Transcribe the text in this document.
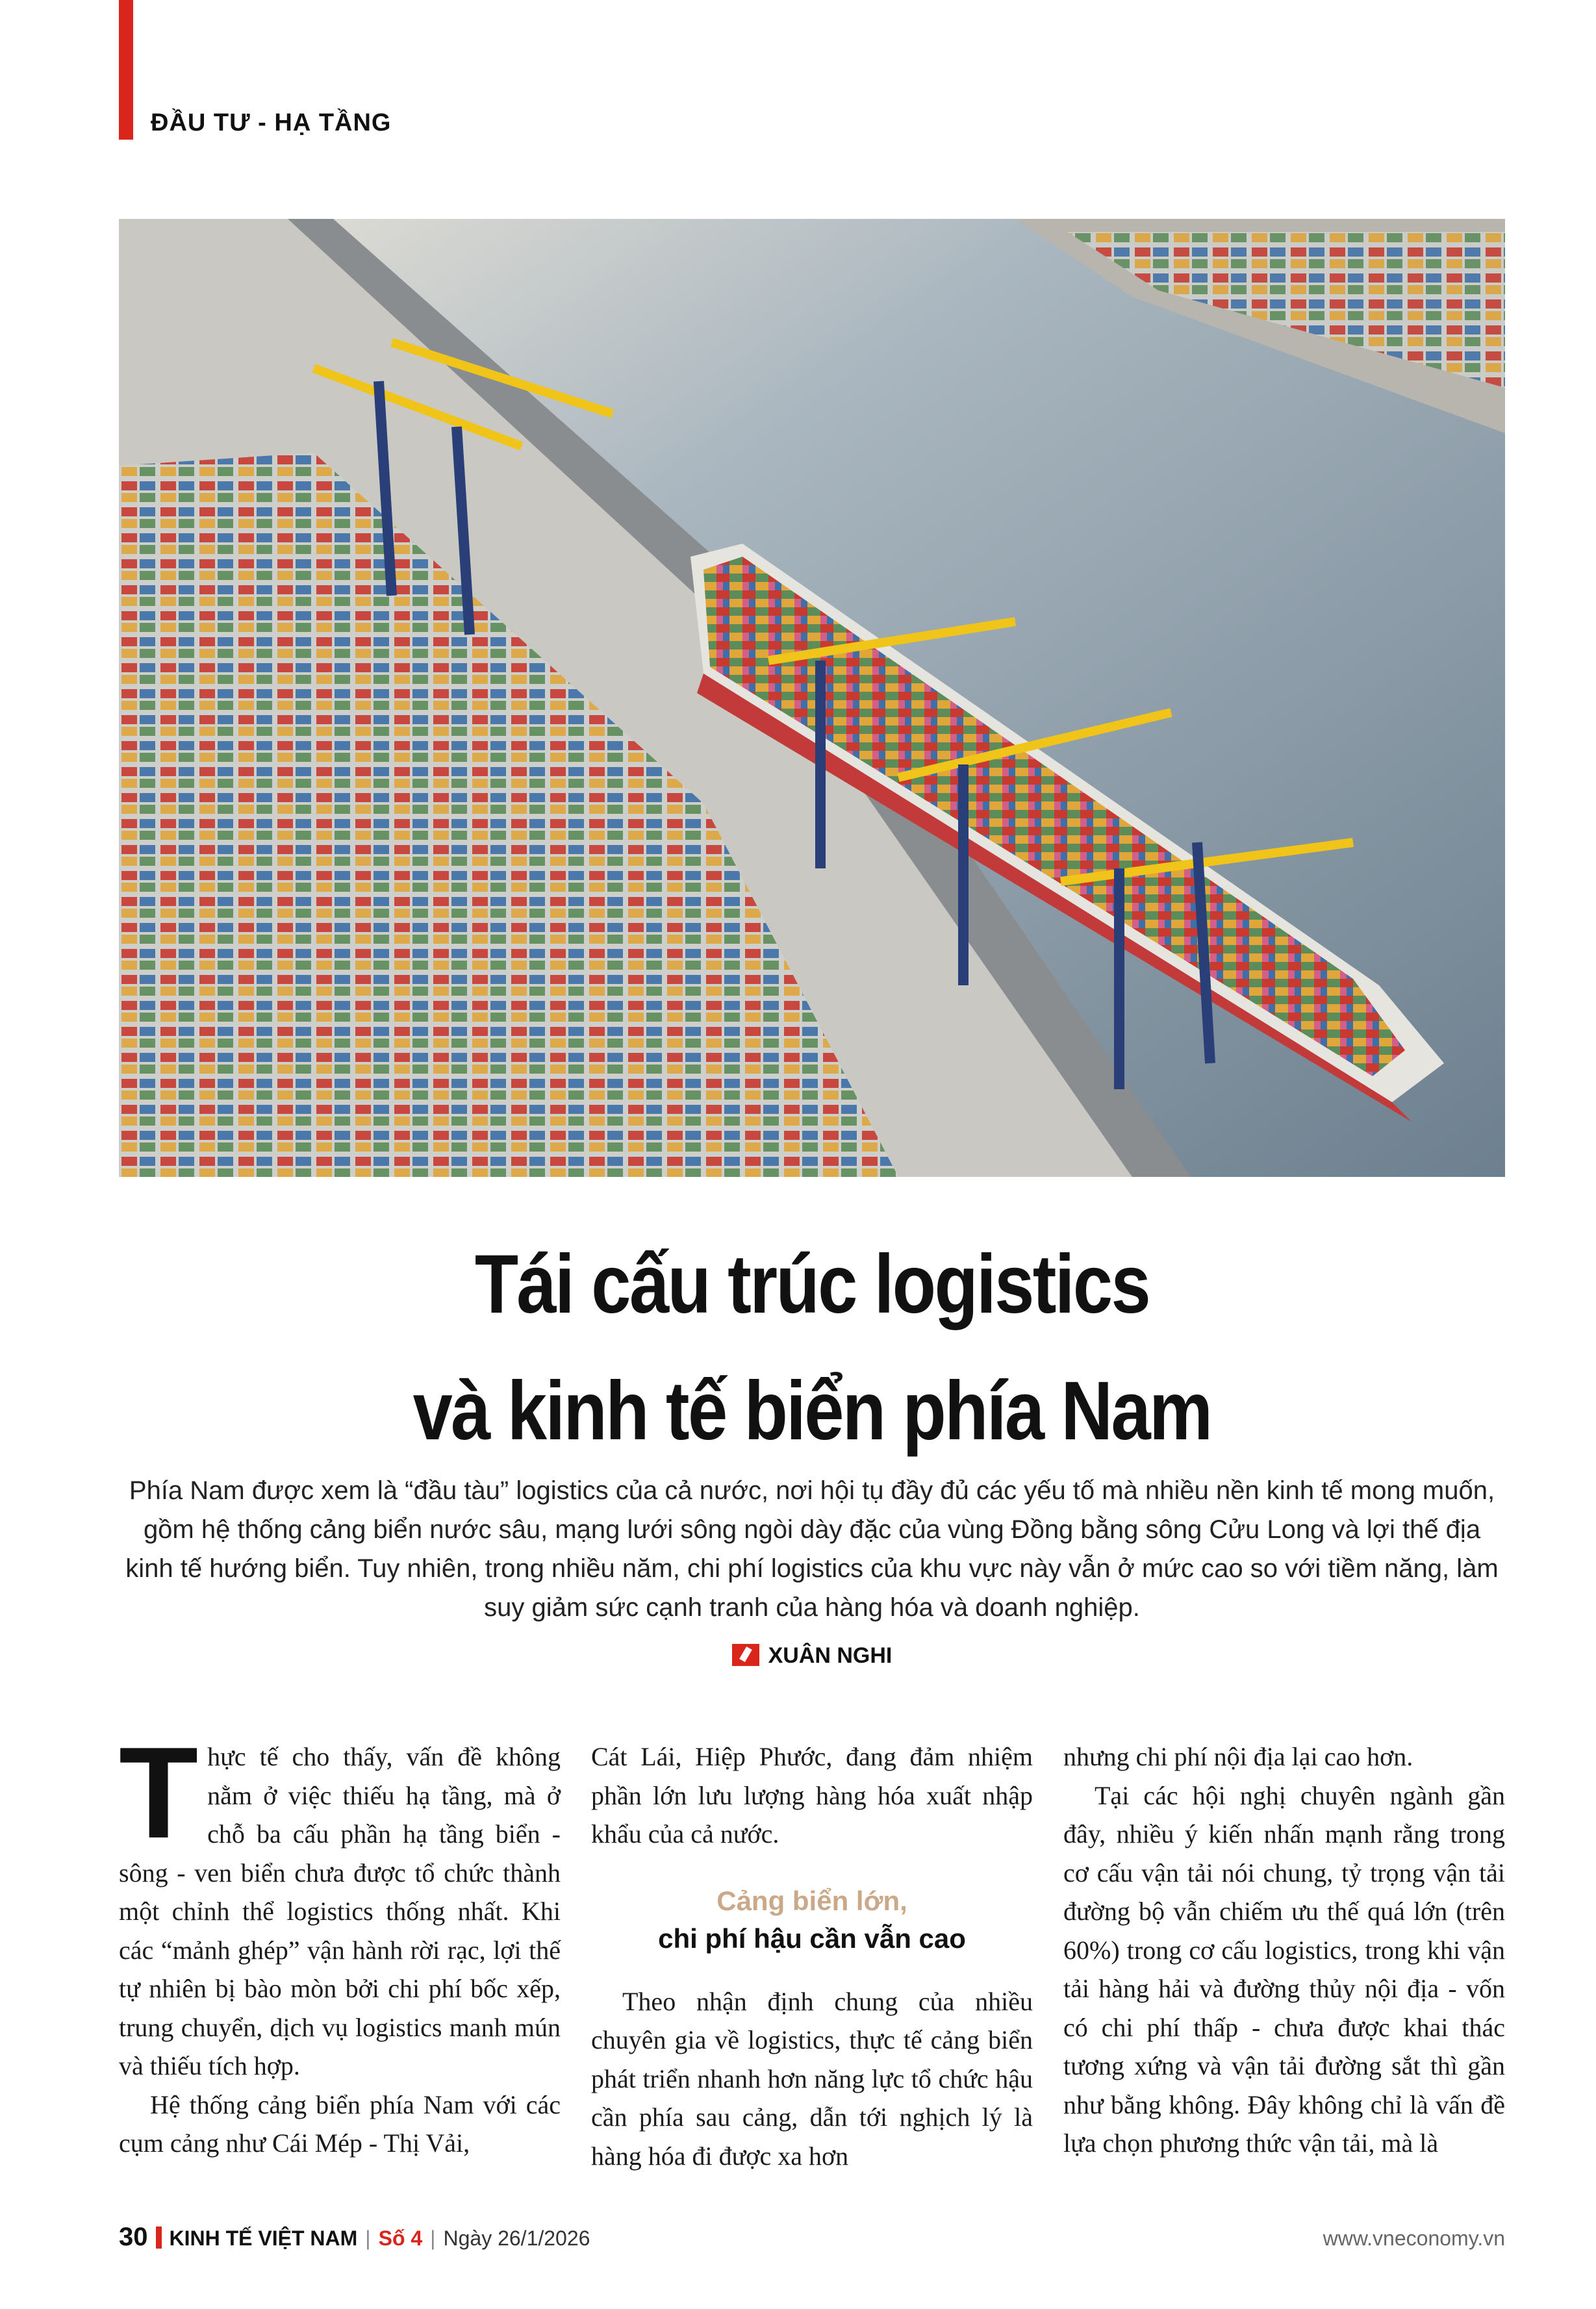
ĐẦU TƯ - HẠ TẦNG
Tái cấu trúc logistics
và kinh tế biển phía Nam
Phía Nam được xem là “đầu tàu” logistics của cả nước, nơi hội tụ đầy đủ các yếu tố mà nhiều nền kinh tế mong muốn, gồm hệ thống cảng biển nước sâu, mạng lưới sông ngòi dày đặc của vùng Đồng bằng sông Cửu Long và lợi thế địa kinh tế hướng biển. Tuy nhiên, trong nhiều năm, chi phí logistics của khu vực này vẫn ở mức cao so với tiềm năng, làm suy giảm sức cạnh tranh của hàng hóa và doanh nghiệp.
XUÂN NGHI

Thực tế cho thấy, vấn đề không nằm ở việc thiếu hạ tầng, mà ở chỗ ba cấu phần hạ tầng biển - sông - ven biển chưa được tổ chức thành một chỉnh thể logistics thống nhất. Khi các “mảnh ghép” vận hành rời rạc, lợi thế tự nhiên bị bào mòn bởi chi phí bốc xếp, trung chuyển, dịch vụ logistics manh mún và thiếu tích hợp.

Hệ thống cảng biển phía Nam với các cụm cảng như Cái Mép - Thị Vải,

Cát Lái, Hiệp Phước, đang đảm nhiệm phần lớn lưu lượng hàng hóa xuất nhập khẩu của cả nước.

Cảng biển lớn,
chi phí hậu cần vẫn cao

Theo nhận định chung của nhiều chuyên gia về logistics, thực tế cảng biển phát triển nhanh hơn năng lực tổ chức hậu cần phía sau cảng, dẫn tới nghịch lý là hàng hóa đi được xa hơn

nhưng chi phí nội địa lại cao hơn.

Tại các hội nghị chuyên ngành gần đây, nhiều ý kiến nhấn mạnh rằng trong cơ cấu vận tải nói chung, tỷ trọng vận tải đường bộ vẫn chiếm ưu thế quá lớn (trên 60%) trong cơ cấu logistics, trong khi vận tải hàng hải và đường thủy nội địa - vốn có chi phí thấp - chưa được khai thác tương xứng và vận tải đường sắt thì gần như bằng không. Đây không chỉ là vấn đề lựa chọn phương thức vận tải, mà là

30 KINH TẾ VIỆT NAM | Số 4 | Ngày 26/1/2026	www.vneconomy.vn
